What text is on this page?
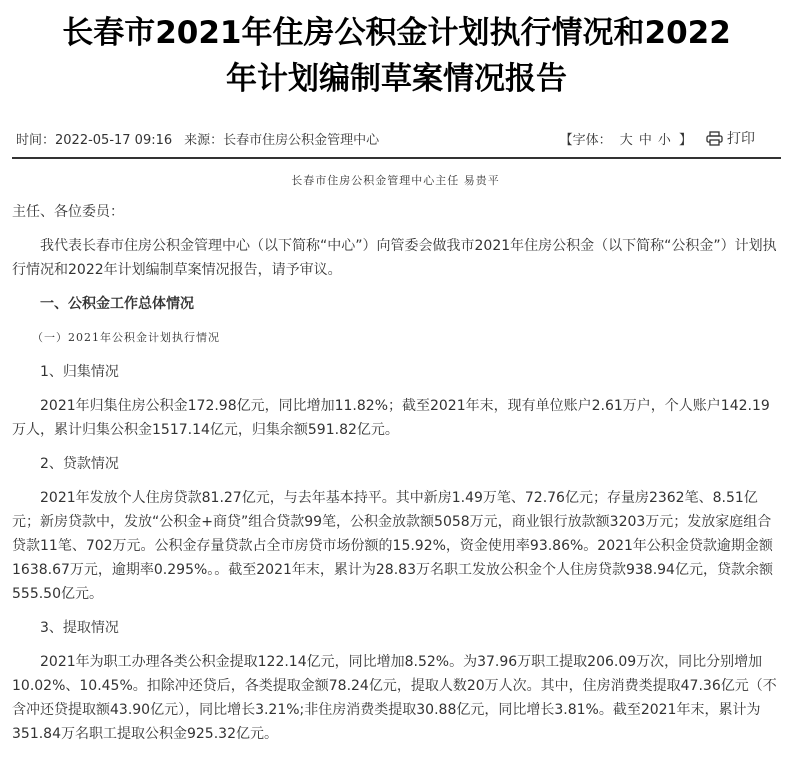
长春市2021年住房公积金计划执行情况和2022
年计划编制草案情况报告
时间：2022-05-17 09:16 来源：长春市住房公积金管理中心	【字体： 大 中 小 】	打印
长春市住房公积金管理中心主任 易贵平

主任、各位委员：

我代表长春市住房公积金管理中心（以下简称“中心”）向管委会做我市2021年住房公积金（以下简称“公积金”）计划执行情况和2022年计划编制草案情况报告，请予审议。

一、公积金工作总体情况

（一）2021年公积金计划执行情况

1、归集情况

2021年归集住房公积金172.98亿元，同比增加11.82%；截至2021年末，现有单位账户2.61万户，个人账户142.19万人，累计归集公积金1517.14亿元，归集余额591.82亿元。

2、贷款情况

2021年发放个人住房贷款81.27亿元，与去年基本持平。其中新房1.49万笔、72.76亿元；存量房2362笔、8.51亿元；新房贷款中，发放“公积金+商贷”组合贷款99笔，公积金放款额5058万元，商业银行放款额3203万元；发放家庭组合贷款11笔、702万元。公积金存量贷款占全市房贷市场份额的15.92%，资金使用率93.86%。2021年公积金贷款逾期金额1638.67万元，逾期率0.295%。。截至2021年末，累计为28.83万名职工发放公积金个人住房贷款938.94亿元，贷款余额555.50亿元。

3、提取情况

2021年为职工办理各类公积金提取122.14亿元，同比增加8.52%。为37.96万职工提取206.09万次，同比分别增加10.02%、10.45%。扣除冲还贷后，各类提取金额78.24亿元，提取人数20万人次。其中，住房消费类提取47.36亿元（不含冲还贷提取额43.90亿元），同比增长3.21%;非住房消费类提取30.88亿元，同比增长3.81%。截至2021年末，累计为351.84万名职工提取公积金925.32亿元。
